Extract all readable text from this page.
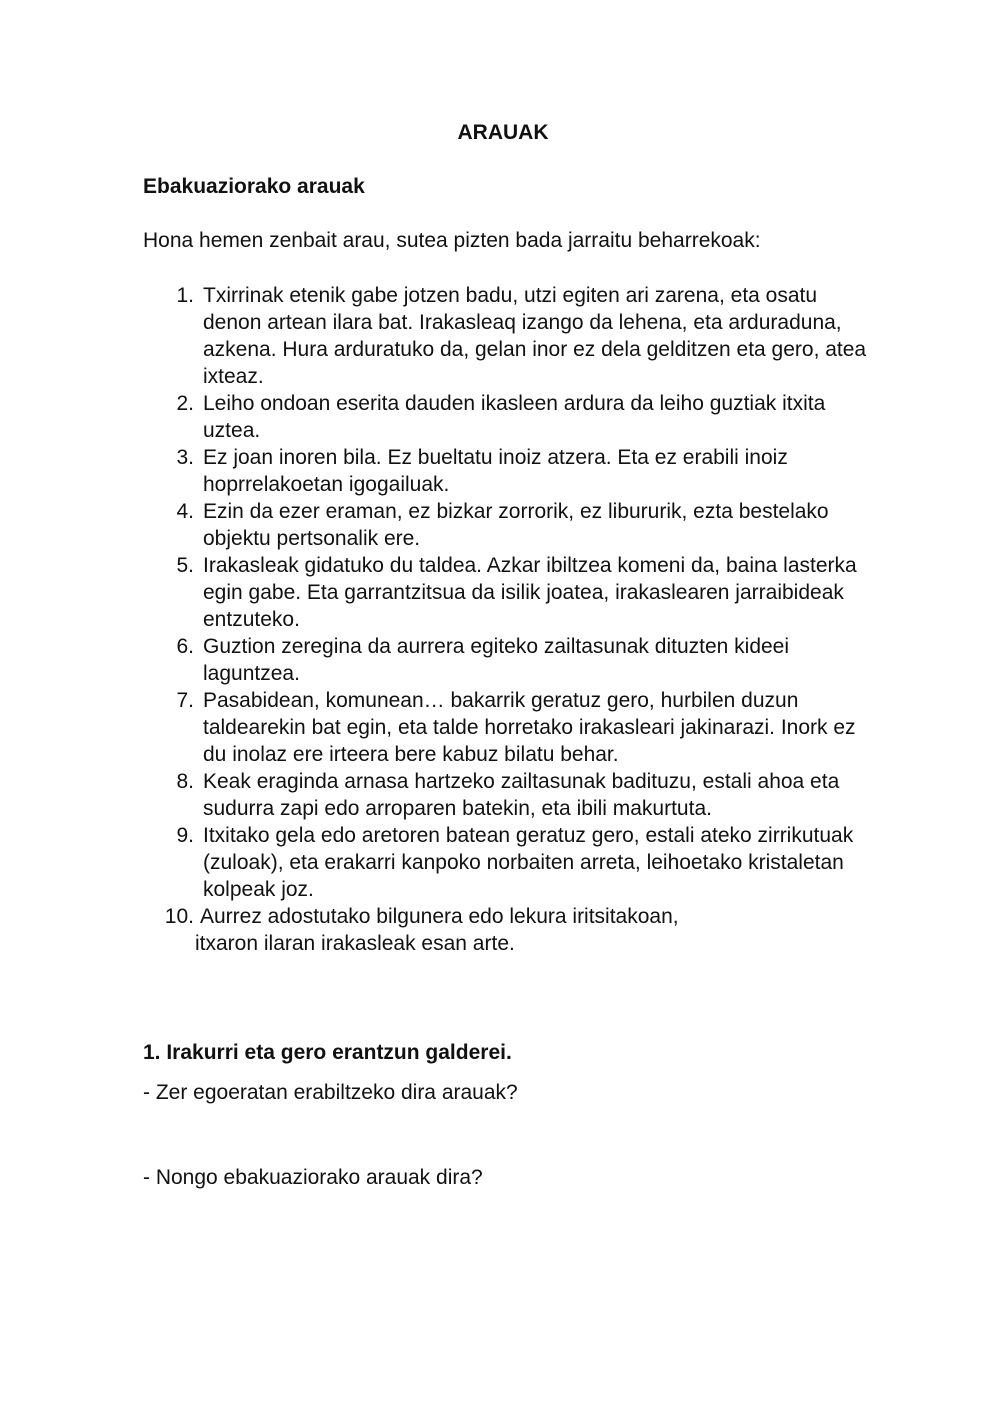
ARAUAK
Ebakuaziorako arauak

Hona hemen zenbait arau, sutea pizten bada jarraitu beharrekoak:

1. Txirrinak etenik gabe jotzen badu, utzi egiten ari zarena, eta osatu denon artean ilara bat. Irakasleaq izango da lehena, eta arduraduna, azkena. Hura arduratuko da, gelan inor ez dela gelditzen eta gero, atea ixteaz.
2. Leiho ondoan eserita dauden ikasleen ardura da leiho guztiak itxita uztea.
3. Ez joan inoren bila. Ez bueltatu inoiz atzera. Eta ez erabili inoiz hoprrelakoetan igogailuak.
4. Ezin da ezer eraman, ez bizkar zorrorik, ez libururik, ezta bestelako objektu pertsonalik ere.
5. Irakasleak gidatuko du taldea. Azkar ibiltzea komeni da, baina lasterka egin gabe. Eta garrantzitsua da isilik joatea, irakaslearen jarraibideak entzuteko.
6. Guztion zeregina da aurrera egiteko zailtasunak dituzten kideei laguntzea.
7. Pasabidean, komunean… bakarrik geratuz gero, hurbilen duzun taldearekin bat egin, eta talde horretako irakasleari jakinarazi. Inork ez du inolaz ere irteera bere kabuz bilatu behar.
8. Keak eraginda arnasa hartzeko zailtasunak badituzu, estali ahoa eta sudurra zapi edo arroparen batekin, eta ibili makurtuta.
9. Itxitako gela edo aretoren batean geratuz gero, estali ateko zirrikutuak (zuloak), eta erakarri kanpoko norbaiten arreta, leihoetako kristaletan kolpeak joz.
10. Aurrez adostutako bilgunera edo lekura iritsitakoan,
itxaron ilaran irakasleak esan arte.
1. Irakurri eta gero erantzun galderei.

- Zer egoeratan erabiltzeko dira arauak?

- Nongo ebakuaziorako arauak dira?
